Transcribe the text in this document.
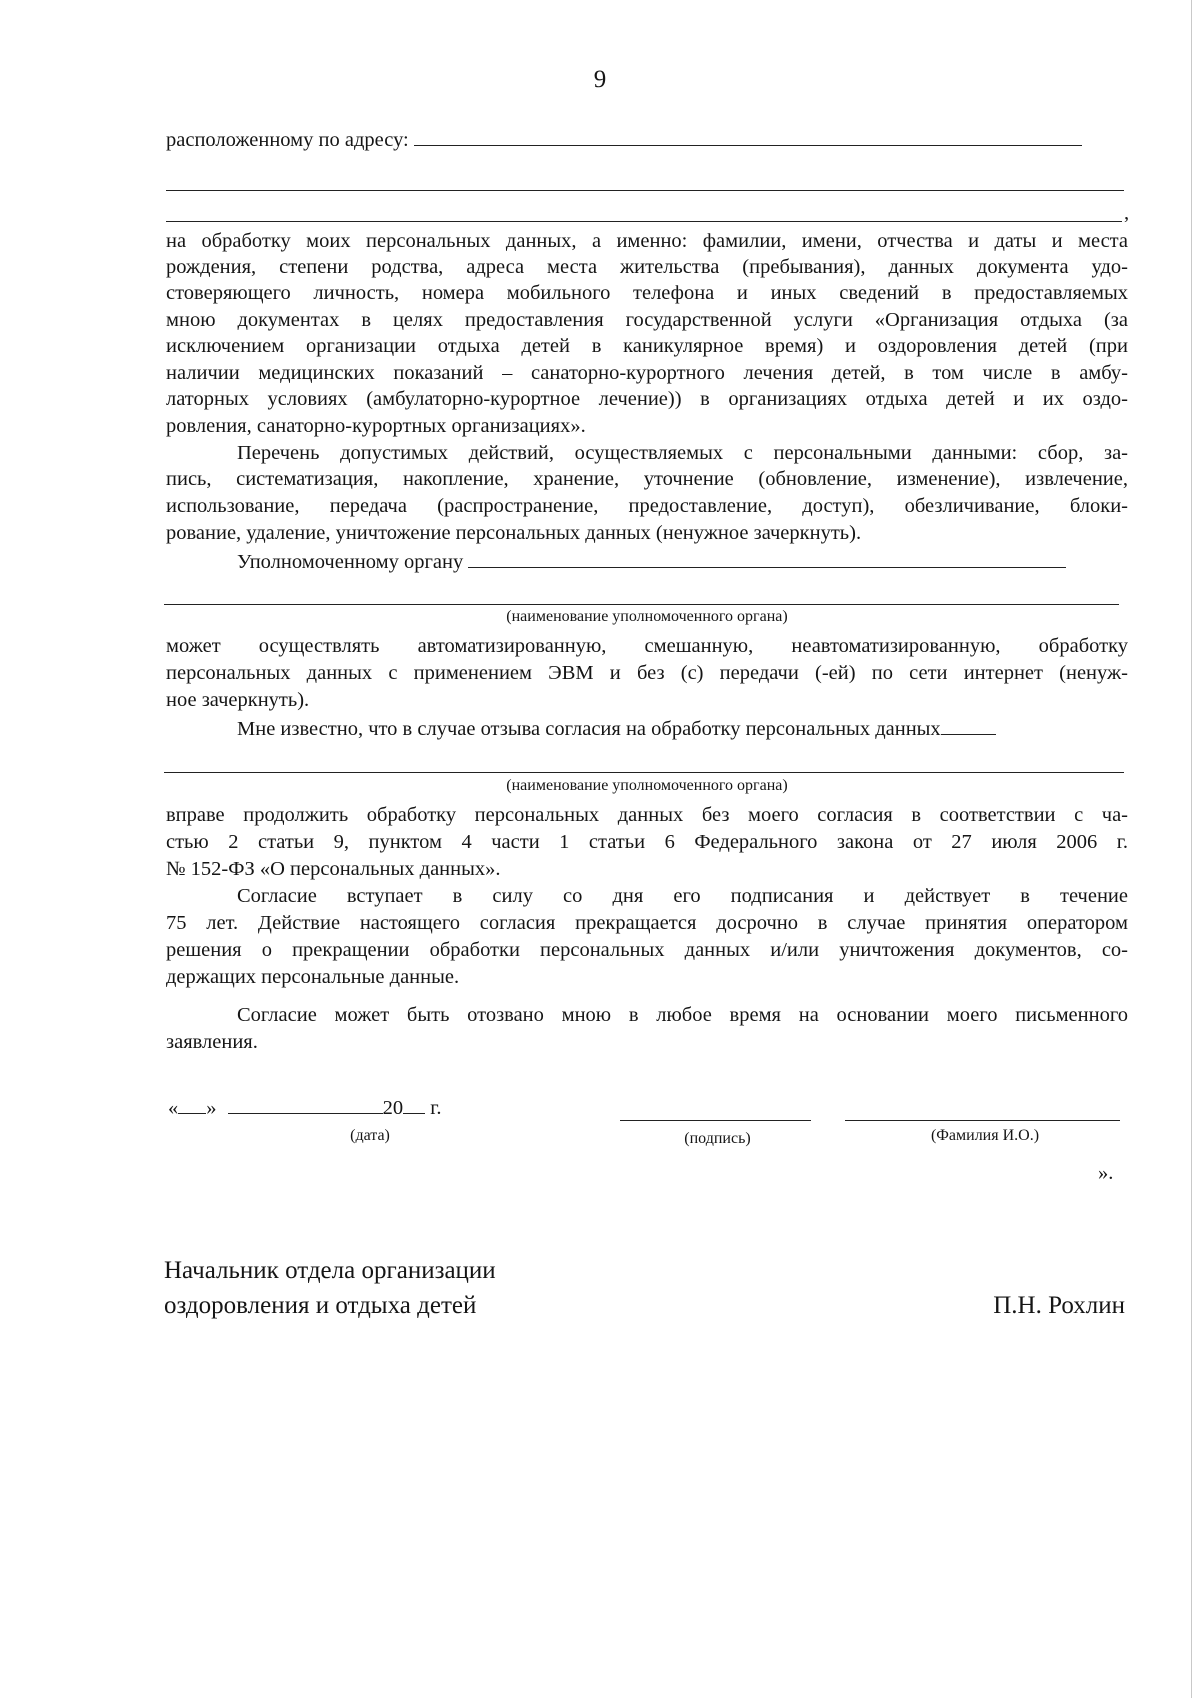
9
расположенному по адресу:
,
на обработку моих персональных данных, а именно: фамилии, имени, отчества и даты и места
рождения, степени родства, адреса места жительства (пребывания), данных документа удо-
стоверяющего личность, номера мобильного телефона и иных сведений в предоставляемых
мною документах в целях предоставления государственной услуги «Организация отдыха (за
исключением организации отдыха детей в каникулярное время) и оздоровления детей (при
наличии медицинских показаний – санаторно-курортного лечения детей, в том числе в амбу-
латорных условиях (амбулаторно-курортное лечение)) в организациях отдыха детей и их оздо-
ровления, санаторно-курортных организациях».
Перечень допустимых действий, осуществляемых с персональными данными: сбор, за-
пись, систематизация, накопление, хранение, уточнение (обновление, изменение), извлечение,
использование, передача (распространение, предоставление, доступ), обезличивание, блоки-
рование, удаление, уничтожение персональных данных (ненужное зачеркнуть).
Уполномоченному органу
(наименование уполномоченного органа)
может осуществлять автоматизированную, смешанную, неавтоматизированную, обработку
персональных данных с применением ЭВМ и без (с) передачи (-ей) по сети интернет (ненуж-
ное зачеркнуть).
Мне известно, что в случае отзыва согласия на обработку персональных данных
(наименование уполномоченного органа)
вправе продолжить обработку персональных данных без моего согласия в соответствии с ча-
стью 2 статьи 9, пунктом 4 части 1 статьи 6 Федерального закона от 27 июля 2006 г.
№ 152-ФЗ «О персональных данных».
Согласие вступает в силу со дня его подписания и действует в течение
75 лет. Действие настоящего согласия прекращается досрочно в случае принятия оператором
решения о прекращении обработки персональных данных и/или уничтожения документов, со-
держащих персональные данные.
Согласие может быть отозвано мною в любое время на основании моего письменного
заявления.
« »	20 г.
(дата)	(подпись)	(Фамилия И.О.)
».
Начальник отдела организации
оздоровления и отдыха детей	П.Н. Рохлин
